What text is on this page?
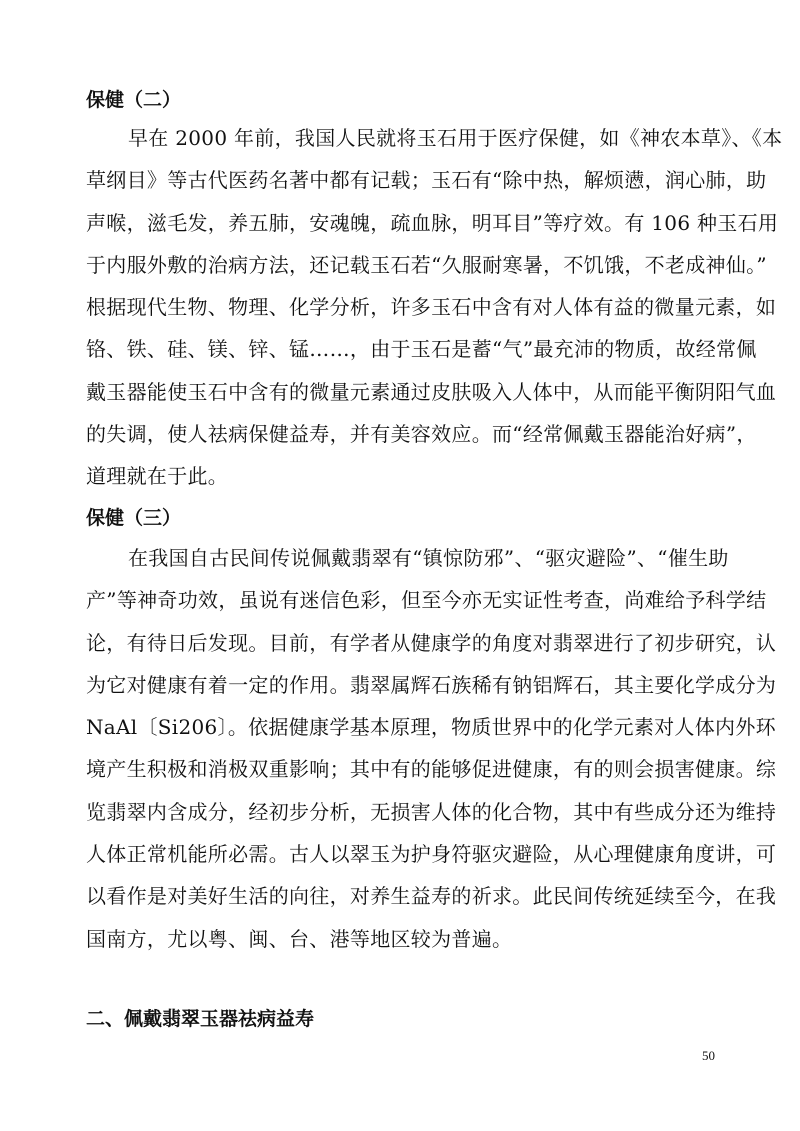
保健（二）
早在 2000 年前，我国人民就将玉石用于医疗保健，如《神农本草》、《本
草纲目》等古代医药名著中都有记载；玉石有“除中热，解烦懑，润心肺，助
声喉，滋毛发，养五肺，安魂魄，疏血脉，明耳目”等疗效。有 106 种玉石用
于内服外敷的治病方法，还记载玉石若“久服耐寒暑，不饥饿，不老成神仙。”
根据现代生物、物理、化学分析，许多玉石中含有对人体有益的微量元素，如
铬、铁、硅、镁、锌、锰……，由于玉石是蓄“气”最充沛的物质，故经常佩
戴玉器能使玉石中含有的微量元素通过皮肤吸入人体中，从而能平衡阴阳气血
的失调，使人祛病保健益寿，并有美容效应。而“经常佩戴玉器能治好病”，
道理就在于此。
保健（三）
在我国自古民间传说佩戴翡翠有“镇惊防邪”、“驱灾避险”、“催生助
产”等神奇功效，虽说有迷信色彩，但至今亦无实证性考查，尚难给予科学结
论，有待日后发现。目前，有学者从健康学的角度对翡翠进行了初步研究，认
为它对健康有着一定的作用。翡翠属辉石族稀有钠铝辉石，其主要化学成分为
NaAl〔Si206〕。依据健康学基本原理，物质世界中的化学元素对人体内外环
境产生积极和消极双重影响；其中有的能够促进健康，有的则会损害健康。综
览翡翠内含成分，经初步分析，无损害人体的化合物，其中有些成分还为维持
人体正常机能所必需。古人以翠玉为护身符驱灾避险，从心理健康角度讲，可
以看作是对美好生活的向往，对养生益寿的祈求。此民间传统延续至今，在我
国南方，尤以粤、闽、台、港等地区较为普遍。
二、佩戴翡翠玉器祛病益寿
50
